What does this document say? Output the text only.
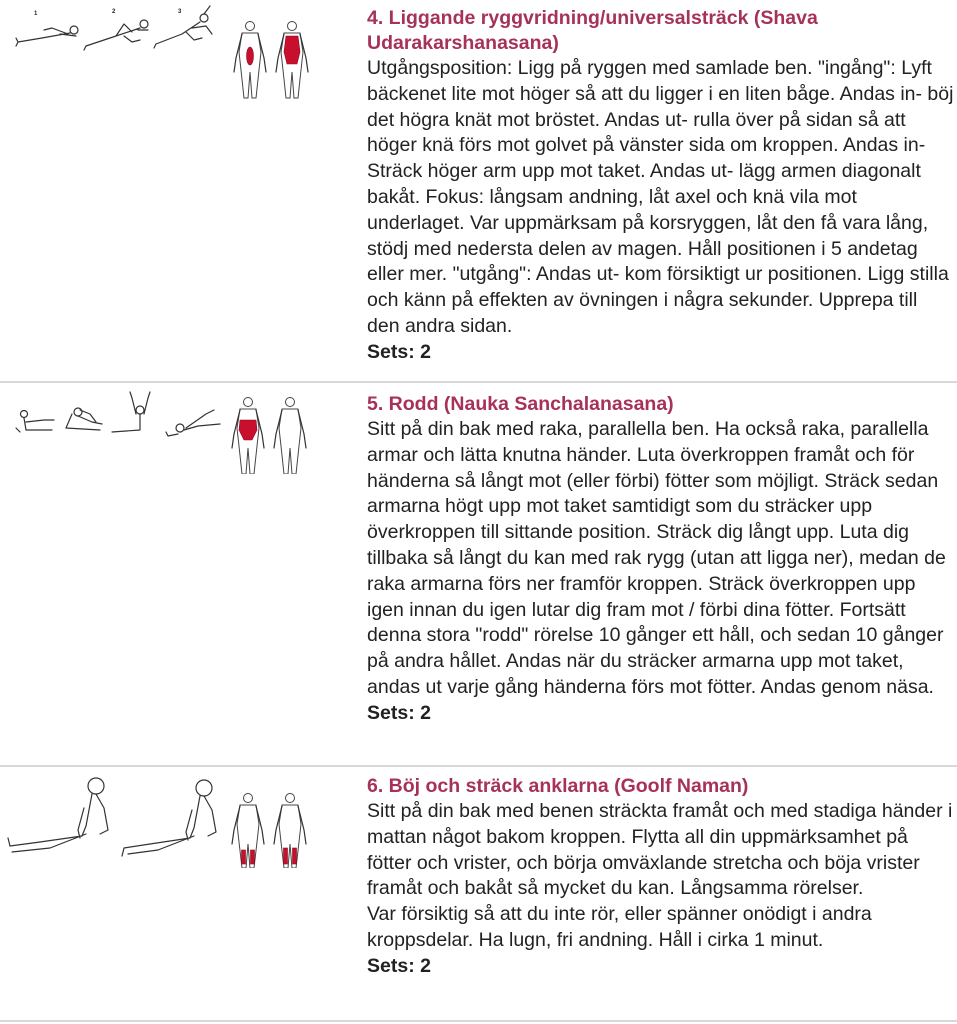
1	2	3	4. Liggande ryggvridning/universalsträck (Shava Udarakarshanasana)

Utgångsposition: Ligg på ryggen med samlade ben. "ingång": Lyft bäckenet lite mot höger så att du ligger i en liten båge. Andas in- böj det högra knät mot bröstet. Andas ut- rulla över på sidan så att höger knä förs mot golvet på vänster sida om kroppen. Andas in- Sträck höger arm upp mot taket. Andas ut- lägg armen diagonalt bakåt. Fokus: långsam andning, låt axel och knä vila mot underlaget. Var uppmärksam på korsryggen, låt den få vara lång, stödj med nedersta delen av magen. Håll positionen i 5 andetag eller mer. "utgång": Andas ut- kom försiktigt ur positionen. Ligg stilla och känn på effekten av övningen i några sekunder. Upprepa till den andra sidan.

Sets: 2

5. Rodd (Nauka Sanchalanasana)

Sitt på din bak med raka, parallella ben. Ha också raka, parallella armar och lätta knutna händer. Luta överkroppen framåt och för händerna så långt mot (eller förbi) fötter som möjligt. Sträck sedan armarna högt upp mot taket samtidigt som du sträcker upp överkroppen till sittande position. Sträck dig långt upp. Luta dig tillbaka så långt du kan med rak rygg (utan att ligga ner), medan de raka armarna förs ner framför kroppen. Sträck överkroppen upp igen innan du igen lutar dig fram mot / förbi dina fötter. Fortsätt denna stora "rodd" rörelse 10 gånger ett håll, och sedan 10 gånger på andra hållet. Andas när du sträcker armarna upp mot taket, andas ut varje gång händerna förs mot fötter. Andas genom näsa.

Sets: 2

6. Böj och sträck anklarna (Goolf Naman)

Sitt på din bak med benen sträckta framåt och med stadiga händer i mattan något bakom kroppen. Flytta all din uppmärksamhet på fötter och vrister, och börja omväxlande stretcha och böja vrister framåt och bakåt så mycket du kan. Långsamma rörelser.
Var försiktig så att du inte rör, eller spänner onödigt i andra kroppsdelar. Ha lugn, fri andning. Håll i cirka 1 minut.

Sets: 2
